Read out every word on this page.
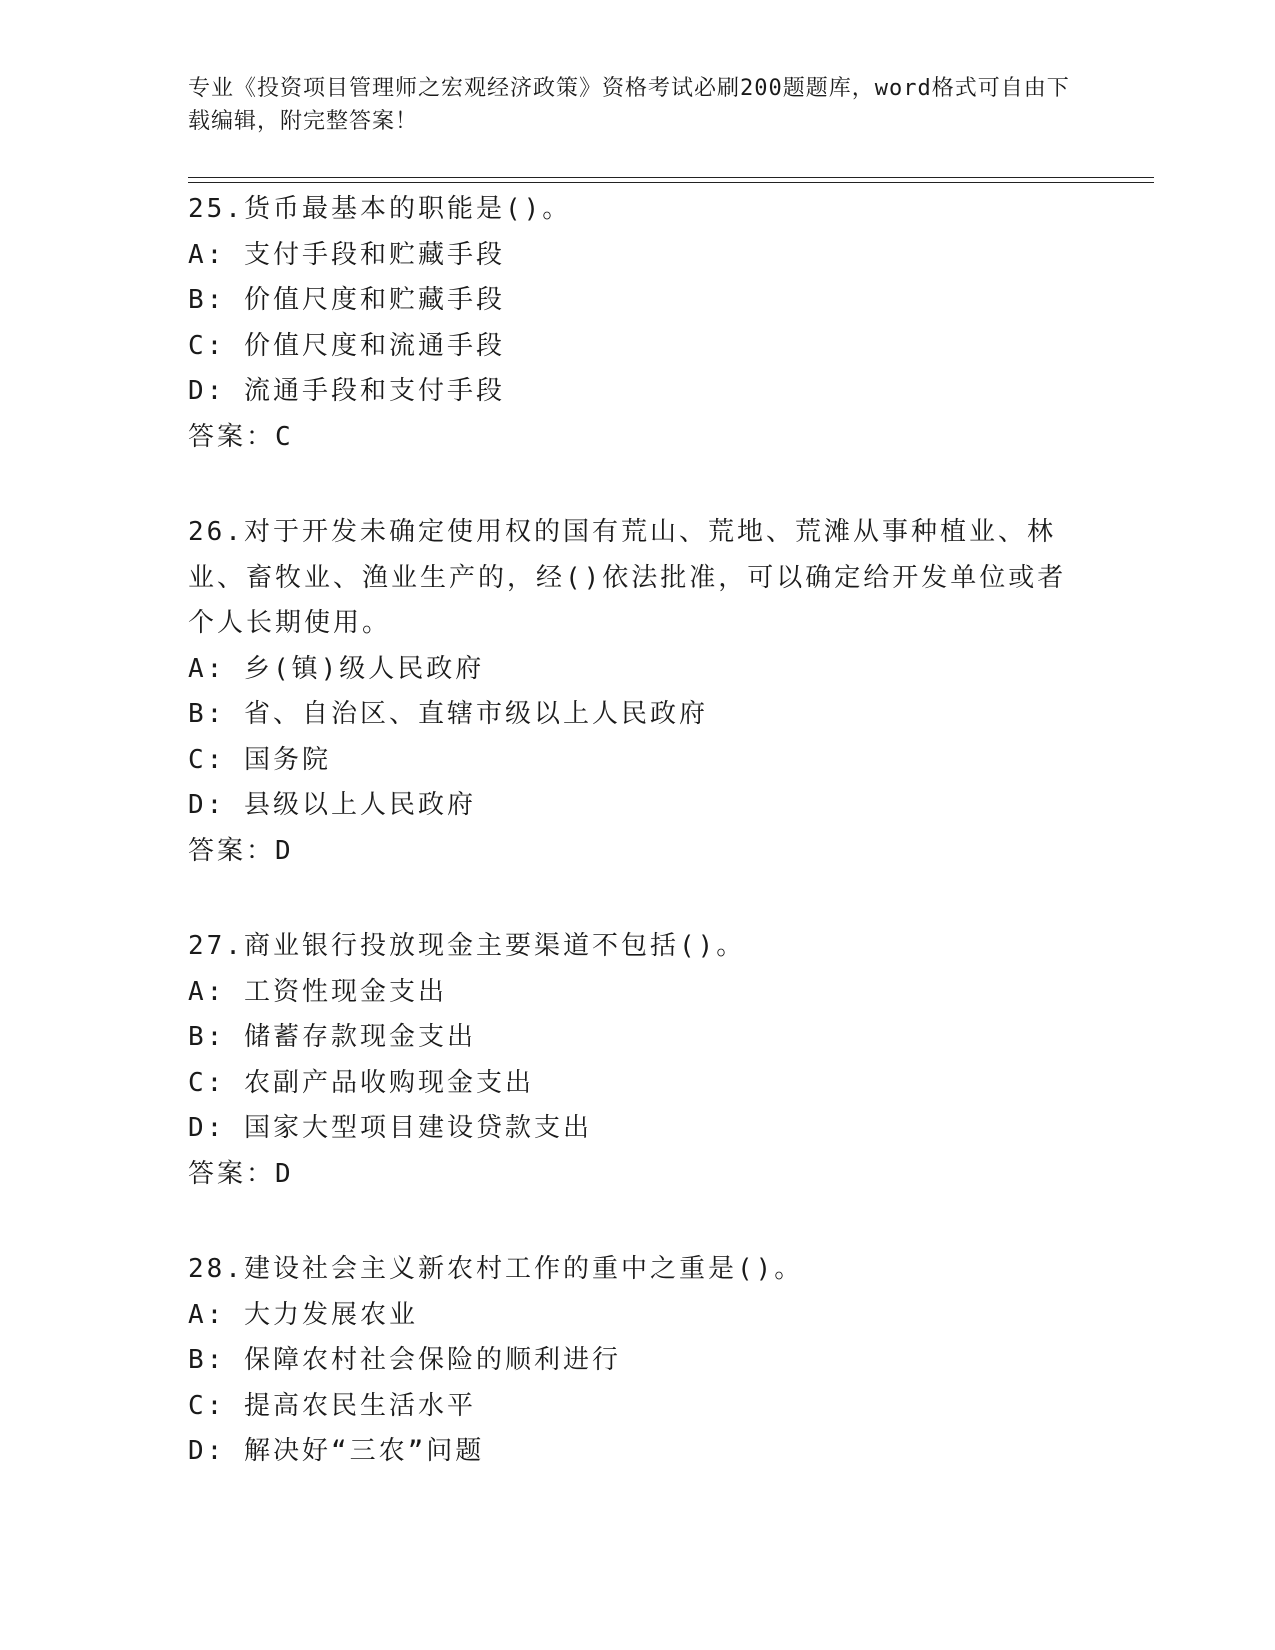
专业《投资项目管理师之宏观经济政策》资格考试必刷200题题库，word格式可自由下载编辑，附完整答案！
25.货币最基本的职能是()。
A: 支付手段和贮藏手段
B: 价值尺度和贮藏手段
C: 价值尺度和流通手段
D: 流通手段和支付手段
答案：C
26.对于开发未确定使用权的国有荒山、荒地、荒滩从事种植业、林业、畜牧业、渔业生产的，经()依法批准，可以确定给开发单位或者个人长期使用。
A: 乡(镇)级人民政府
B: 省、自治区、直辖市级以上人民政府
C: 国务院
D: 县级以上人民政府
答案：D
27.商业银行投放现金主要渠道不包括()。
A: 工资性现金支出
B: 储蓄存款现金支出
C: 农副产品收购现金支出
D: 国家大型项目建设贷款支出
答案：D
28.建设社会主义新农村工作的重中之重是()。
A: 大力发展农业
B: 保障农村社会保险的顺利进行
C: 提高农民生活水平
D: 解决好“三农”问题
